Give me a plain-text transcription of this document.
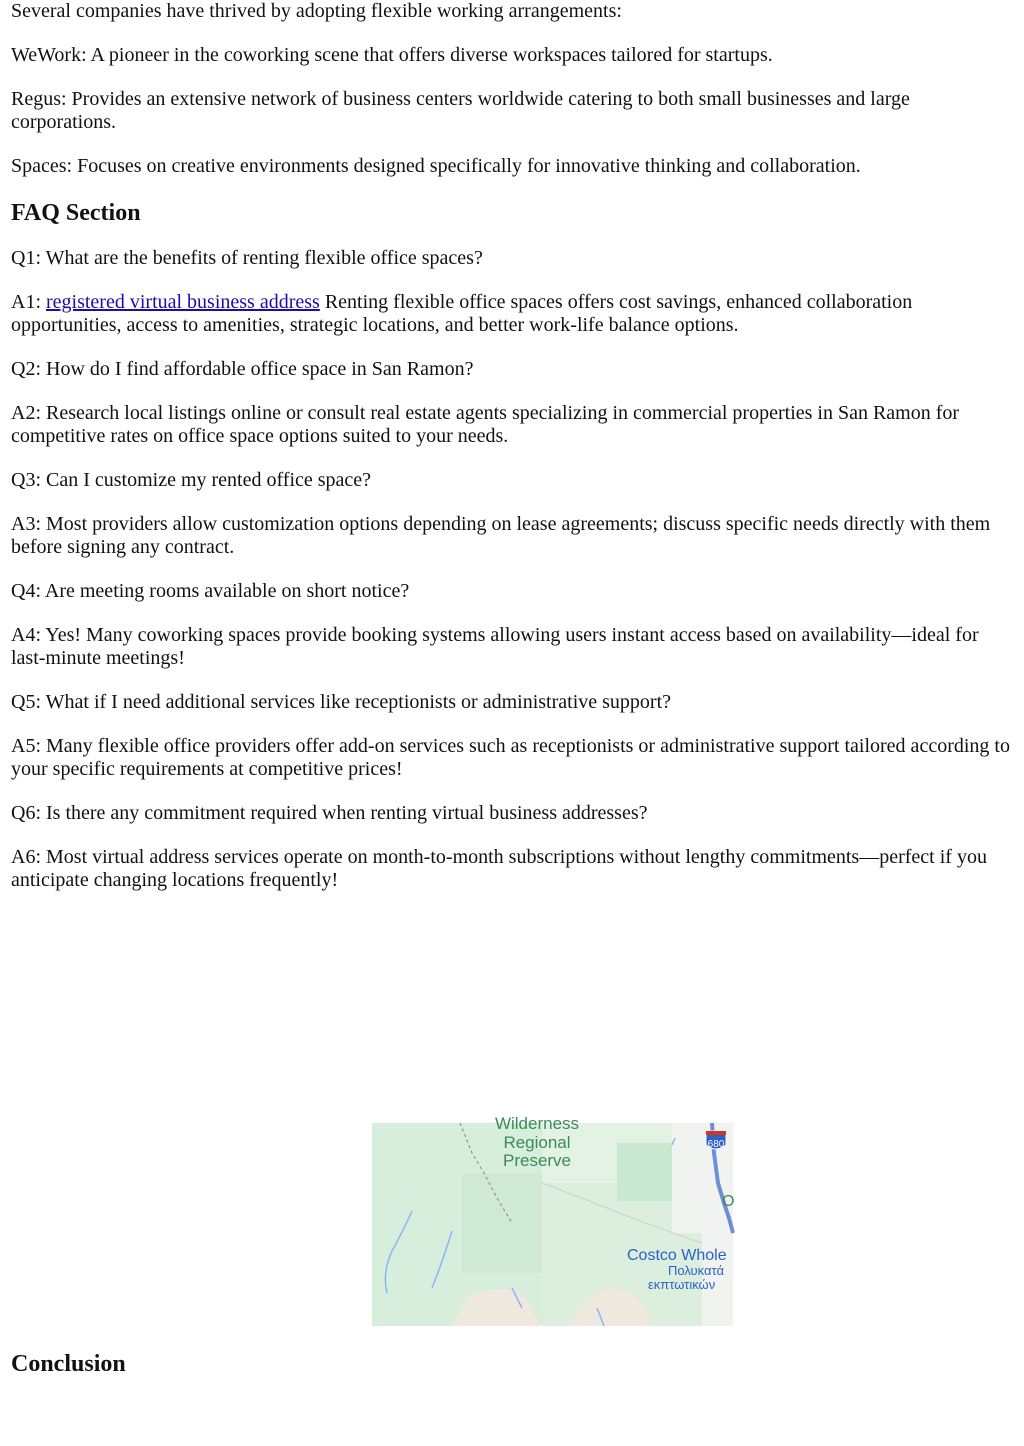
Several companies have thrived by adopting flexible working arrangements:

WeWork: A pioneer in the coworking scene that offers diverse workspaces tailored for startups.

Regus: Provides an extensive network of business centers worldwide catering to both small businesses and large corporations.

Spaces: Focuses on creative environments designed specifically for innovative thinking and collaboration.

FAQ Section

Q1: What are the benefits of renting flexible office spaces?

A1: registered virtual business address Renting flexible office spaces offers cost savings, enhanced collaboration opportunities, access to amenities, strategic locations, and better work-life balance options.

Q2: How do I find affordable office space in San Ramon?

A2: Research local listings online or consult real estate agents specializing in commercial properties in San Ramon for competitive rates on office space options suited to your needs.

Q3: Can I customize my rented office space?

A3: Most providers allow customization options depending on lease agreements; discuss specific needs directly with them before signing any contract.

Q4: Are meeting rooms available on short notice?

A4: Yes! Many coworking spaces provide booking systems allowing users instant access based on availability—ideal for last-minute meetings!

Q5: What if I need additional services like receptionists or administrative support?

A5: Many flexible office providers offer add-on services such as receptionists or administrative support tailored according to your specific requirements at competitive prices!

Q6: Is there any commitment required when renting virtual business addresses?

A6: Most virtual address services operate on month-to-month subscriptions without lengthy commitments—perfect if you anticipate changing locations frequently!

680
Wilderness
Regional
Preserve
O
Costco Whole
Πολυκατά
εκπτωτικών
Conclusion
